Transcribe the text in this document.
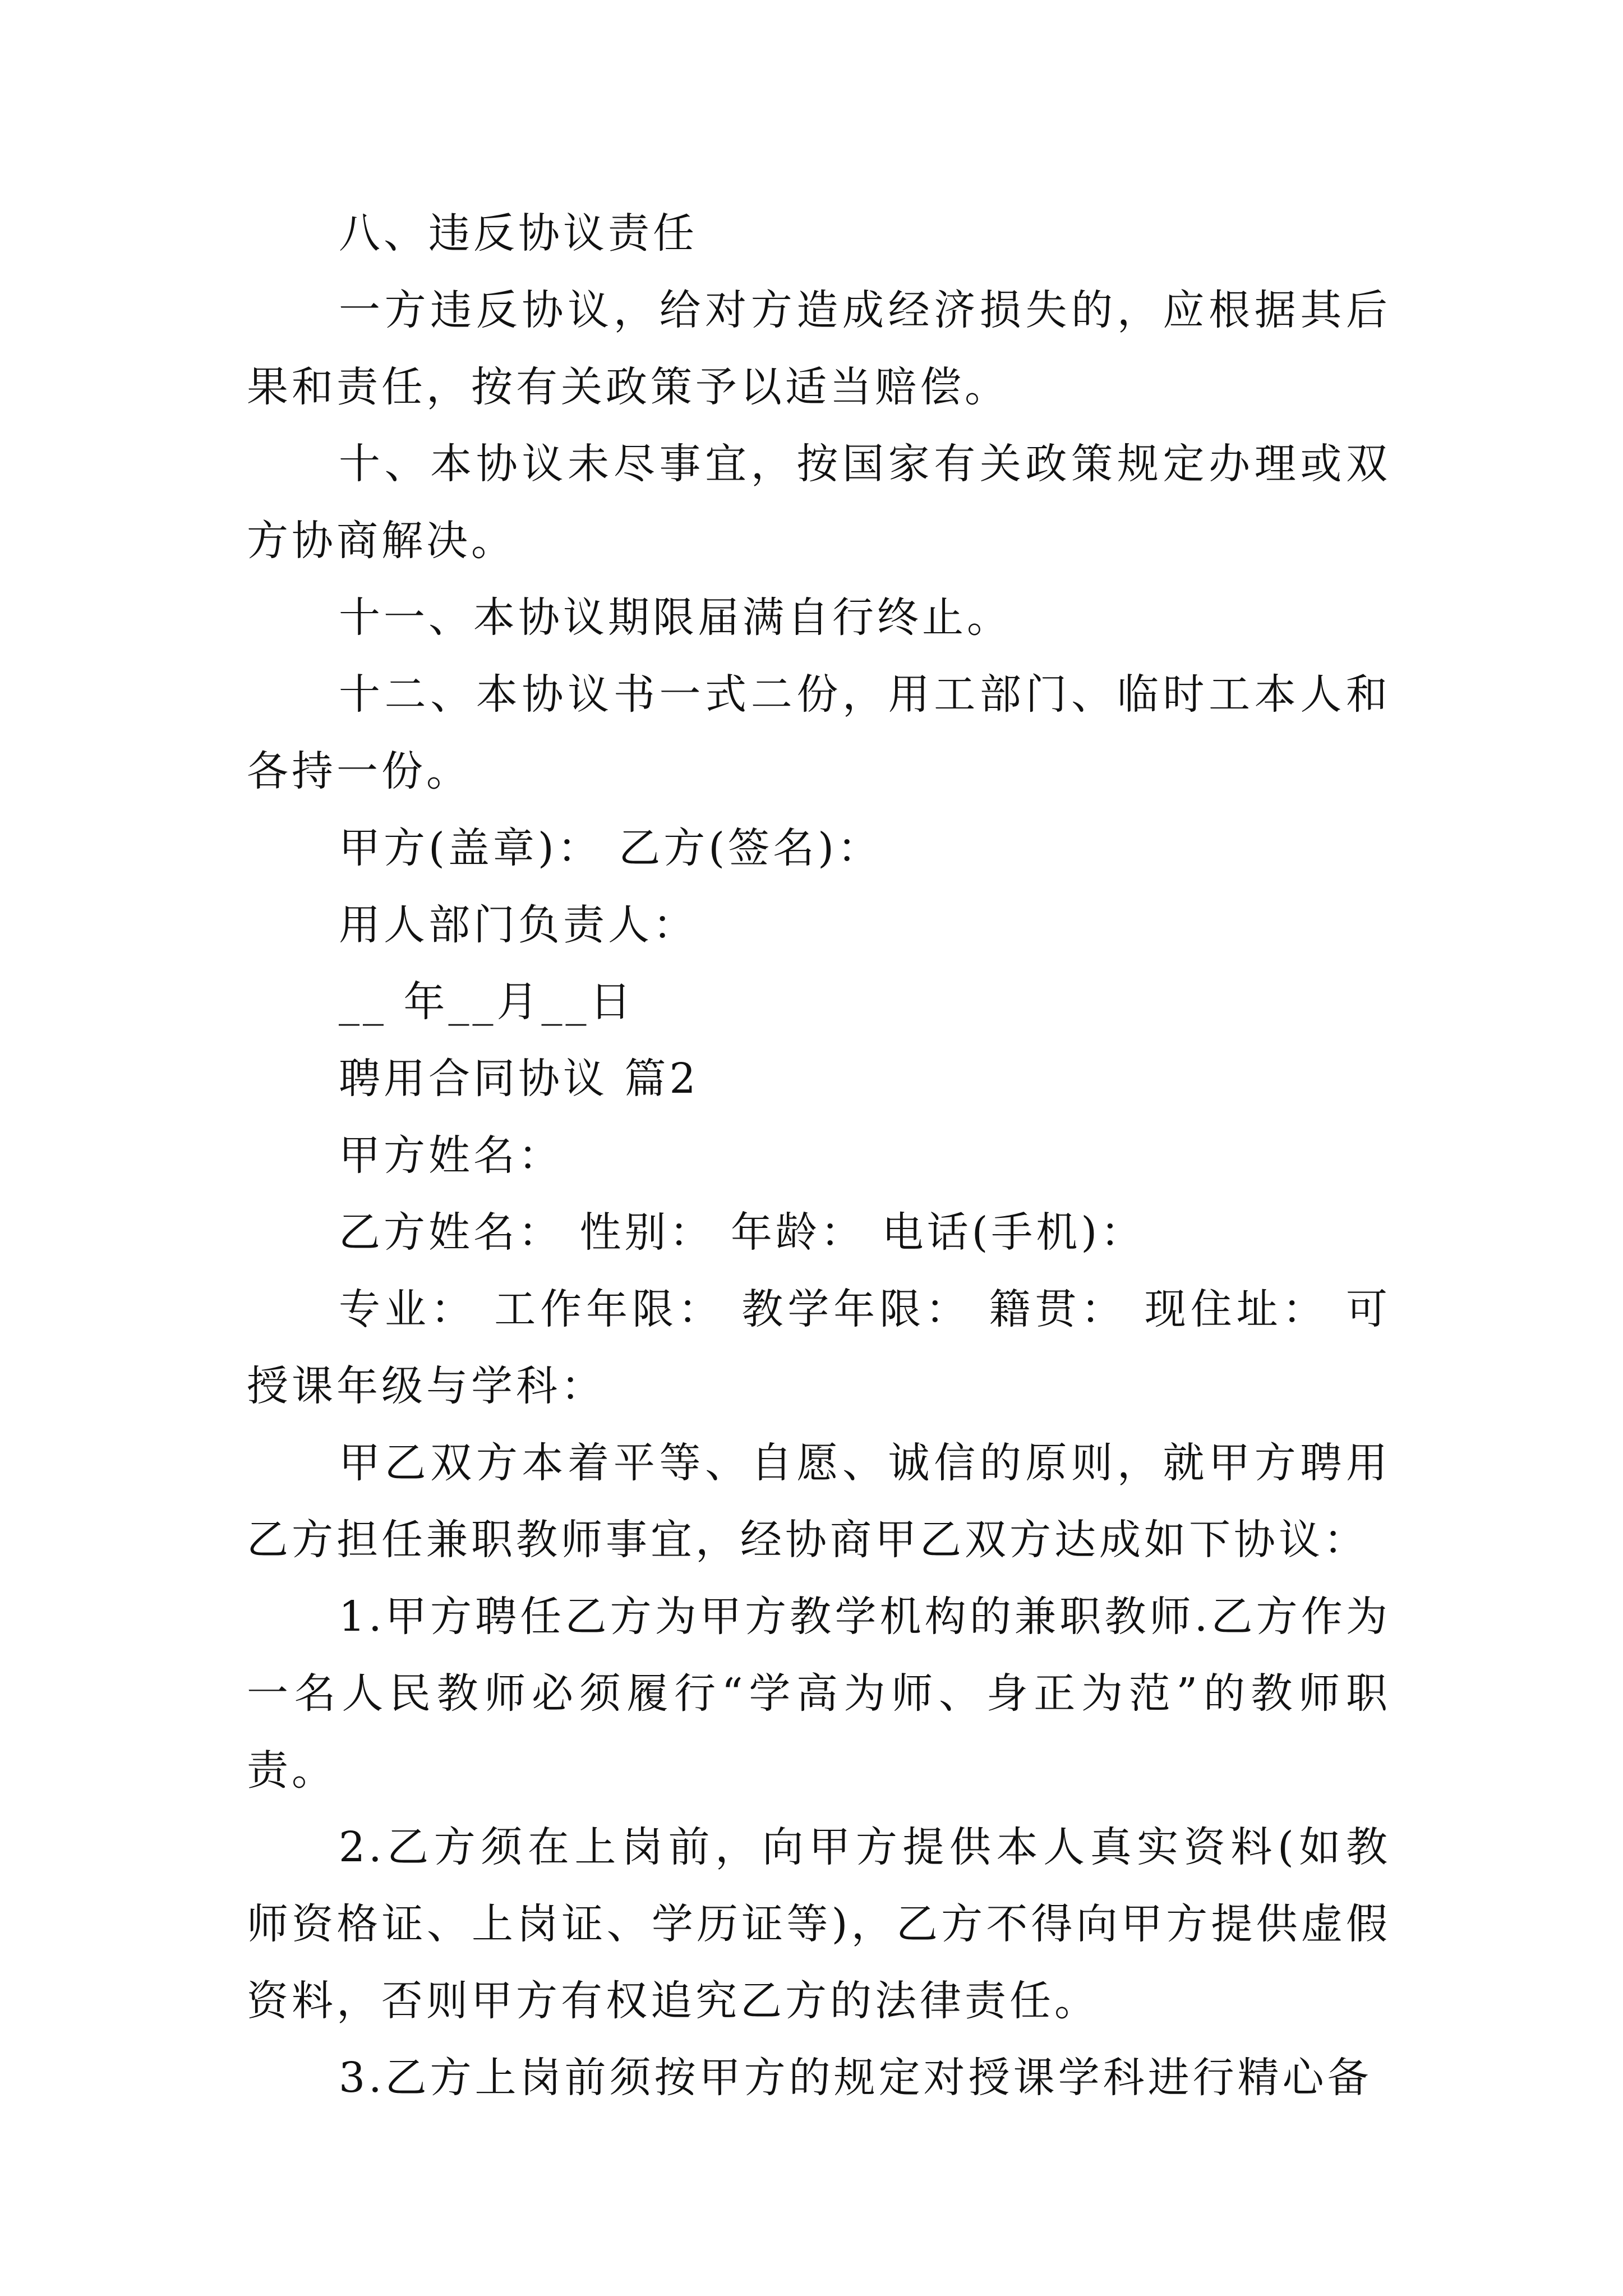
八、违反协议责任

一方违反协议，给对方造成经济损失的，应根据其后果和责任，按有关政策予以适当赔偿。

十、本协议未尽事宜，按国家有关政策规定办理或双方协商解决。

十一、本协议期限届满自行终止。

十二、本协议书一式二份，用工部门、临时工本人和各持一份。

甲方(盖章)： 乙方(签名)：

用人部门负责人：

__ 年__月__日

聘用合同协议 篇2

甲方姓名：

乙方姓名： 性别： 年龄： 电话(手机)：

专业： 工作年限： 教学年限： 籍贯： 现住址： 可授课年级与学科：

甲乙双方本着平等、自愿、诚信的原则，就甲方聘用乙方担任兼职教师事宜，经协商甲乙双方达成如下协议：

1.甲方聘任乙方为甲方教学机构的兼职教师.乙方作为一名人民教师必须履行“学高为师、身正为范”的教师职责。

2.乙方须在上岗前，向甲方提供本人真实资料(如教师资格证、上岗证、学历证等)，乙方不得向甲方提供虚假资料，否则甲方有权追究乙方的法律责任。

3.乙方上岗前须按甲方的规定对授课学科进行精心备
